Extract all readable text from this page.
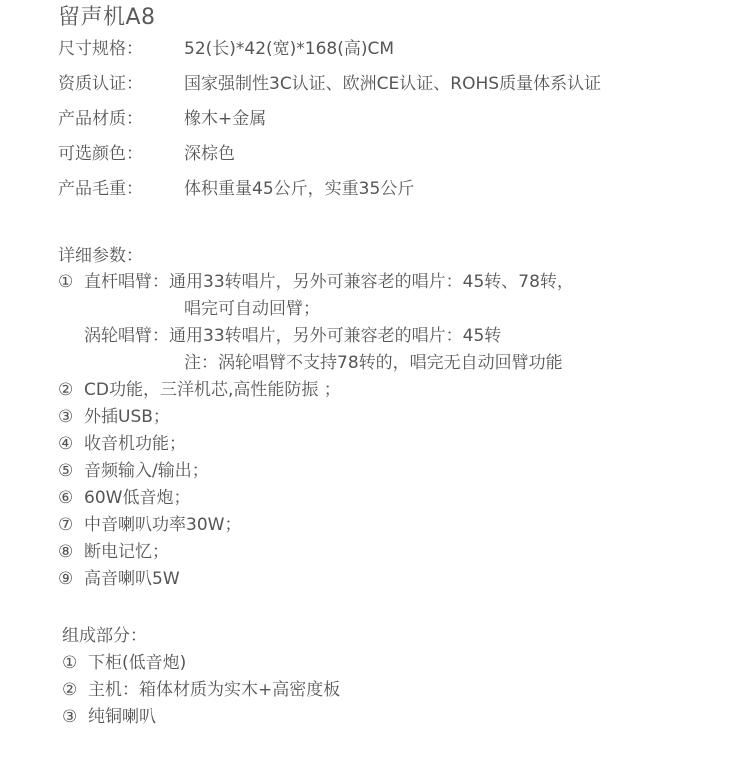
留声机A8
尺寸规格： 52(长)*42(宽)*168(高)CM
资质认证： 国家强制性3C认证、欧洲CE认证、ROHS质量体系认证
产品材质： 橡木+金属
可选颜色： 深棕色
产品毛重： 体积重量45公斤，实重35公斤
详细参数：
① 直杆唱臂：通用33转唱片，另外可兼容老的唱片：45转、78转，
唱完可自动回臂；
涡轮唱臂：通用33转唱片，另外可兼容老的唱片：45转
注：涡轮唱臂不支持78转的，唱完无自动回臂功能
② CD功能，三洋机芯,高性能防振 ；
③ 外插USB；
④ 收音机功能；
⑤ 音频输入/输出；
⑥ 60W低音炮；
⑦ 中音喇叭功率30W；
⑧ 断电记忆；
⑨ 高音喇叭5W
组成部分：
① 下柜(低音炮)
② 主机：箱体材质为实木+高密度板
③ 纯铜喇叭
